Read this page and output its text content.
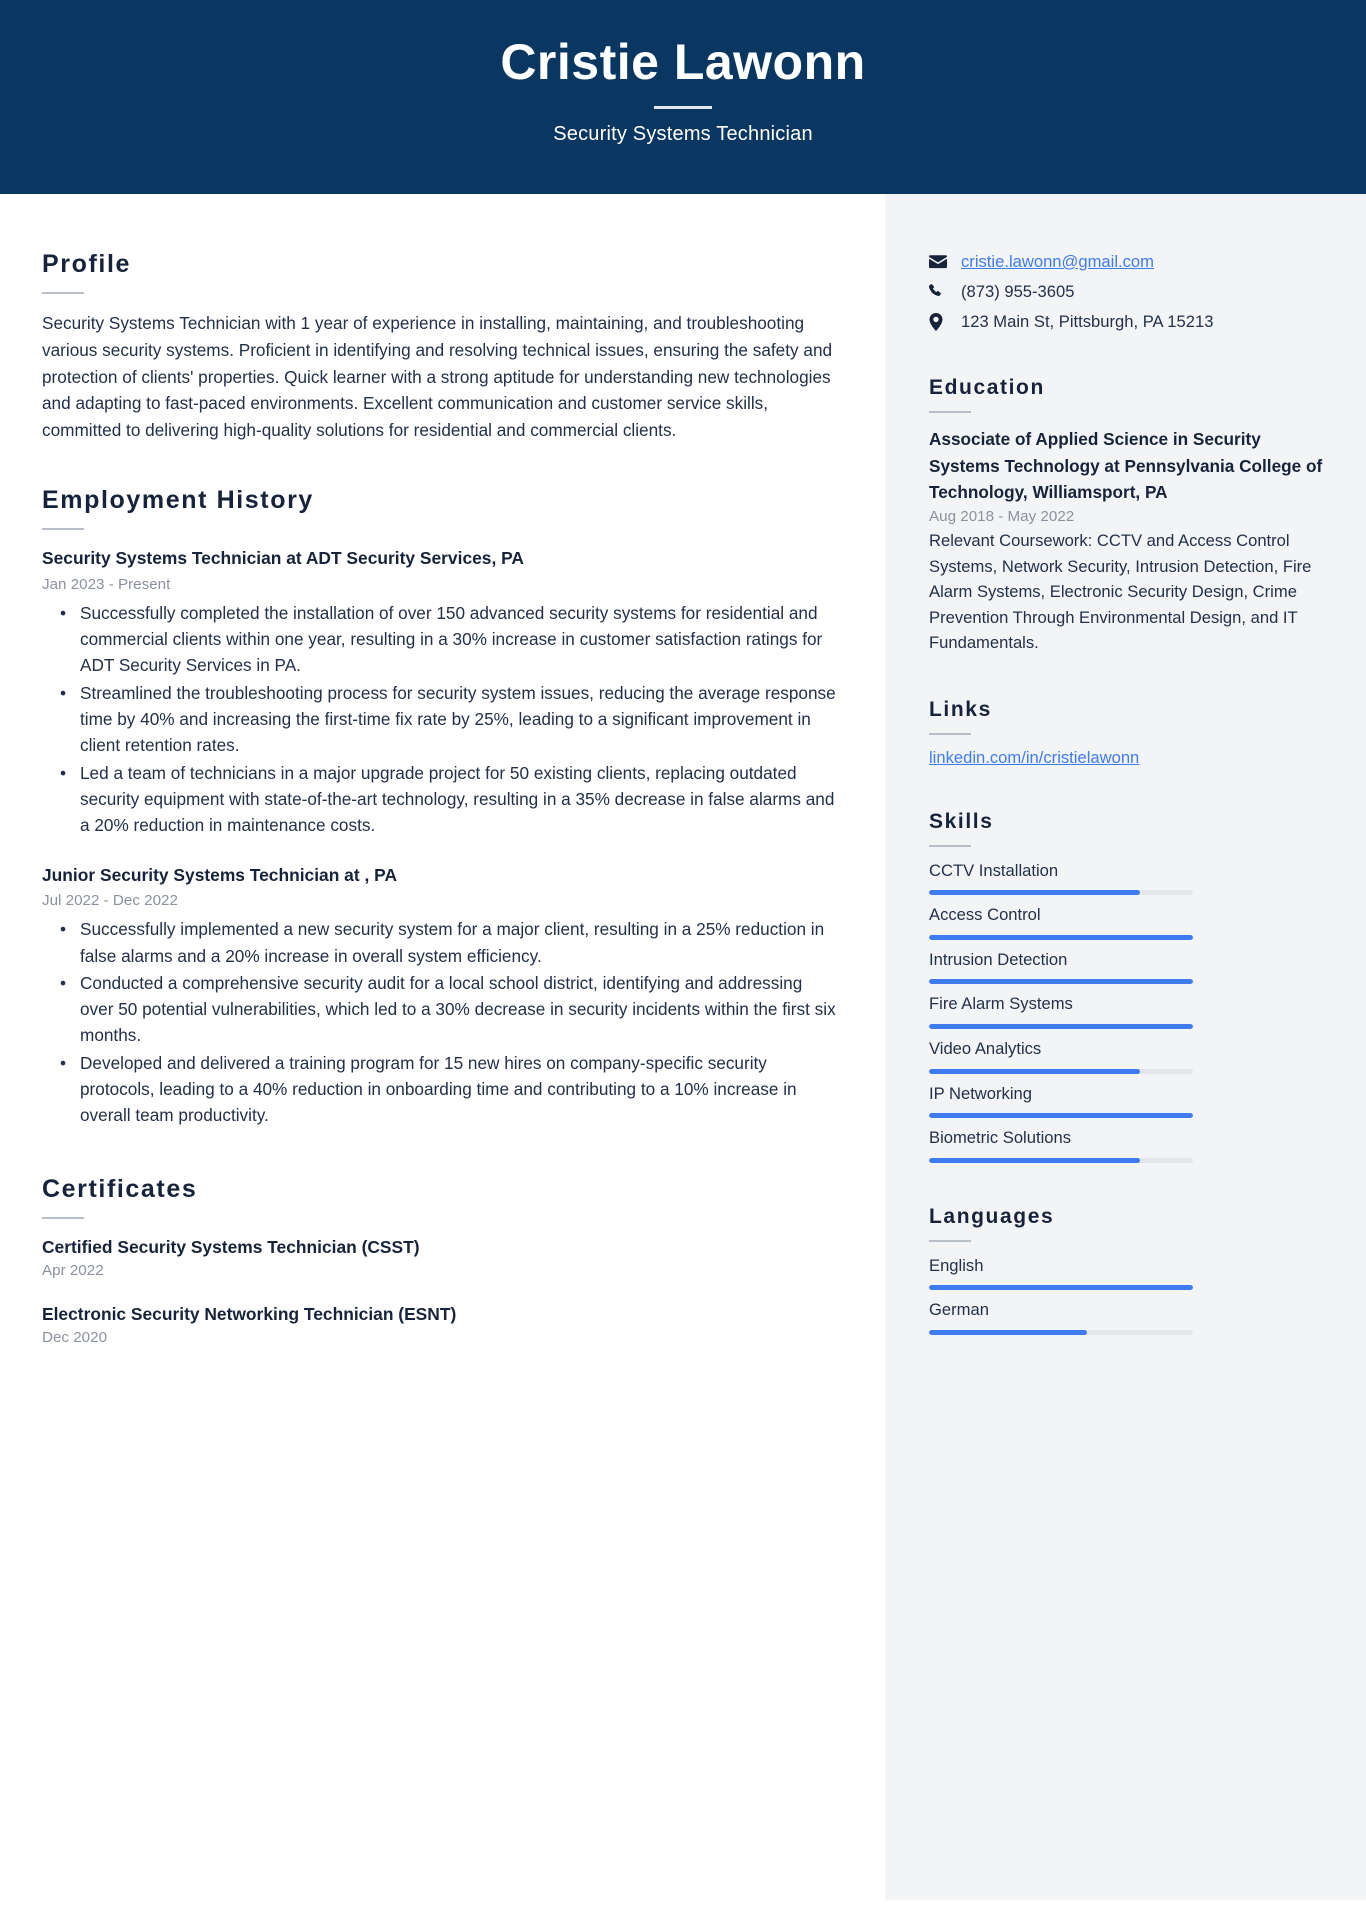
Cristie Lawonn
Security Systems Technician
Profile
Security Systems Technician with 1 year of experience in installing, maintaining, and troubleshooting various security systems. Proficient in identifying and resolving technical issues, ensuring the safety and protection of clients' properties. Quick learner with a strong aptitude for understanding new technologies and adapting to fast-paced environments. Excellent communication and customer service skills, committed to delivering high-quality solutions for residential and commercial clients.
Employment History
Security Systems Technician at ADT Security Services, PA
Jan 2023 - Present
• Successfully completed the installation of over 150 advanced security systems for residential and commercial clients within one year, resulting in a 30% increase in customer satisfaction ratings for ADT Security Services in PA.
• Streamlined the troubleshooting process for security system issues, reducing the average response time by 40% and increasing the first-time fix rate by 25%, leading to a significant improvement in client retention rates.
• Led a team of technicians in a major upgrade project for 50 existing clients, replacing outdated security equipment with state-of-the-art technology, resulting in a 35% decrease in false alarms and a 20% reduction in maintenance costs.
Junior Security Systems Technician at , PA
Jul 2022 - Dec 2022
• Successfully implemented a new security system for a major client, resulting in a 25% reduction in false alarms and a 20% increase in overall system efficiency.
• Conducted a comprehensive security audit for a local school district, identifying and addressing over 50 potential vulnerabilities, which led to a 30% decrease in security incidents within the first six months.
• Developed and delivered a training program for 15 new hires on company-specific security protocols, leading to a 40% reduction in onboarding time and contributing to a 10% increase in overall team productivity.
Certificates
Certified Security Systems Technician (CSST)
Apr 2022
Electronic Security Networking Technician (ESNT)
Dec 2020
cristie.lawonn@gmail.com
(873) 955-3605
123 Main St, Pittsburgh, PA 15213
Education
Associate of Applied Science in Security Systems Technology at Pennsylvania College of Technology, Williamsport, PA
Aug 2018 - May 2022
Relevant Coursework: CCTV and Access Control Systems, Network Security, Intrusion Detection, Fire Alarm Systems, Electronic Security Design, Crime Prevention Through Environmental Design, and IT Fundamentals.
Links
linkedin.com/in/cristielawonn
Skills
CCTV Installation
Access Control
Intrusion Detection
Fire Alarm Systems
Video Analytics
IP Networking
Biometric Solutions
Languages
English
German
